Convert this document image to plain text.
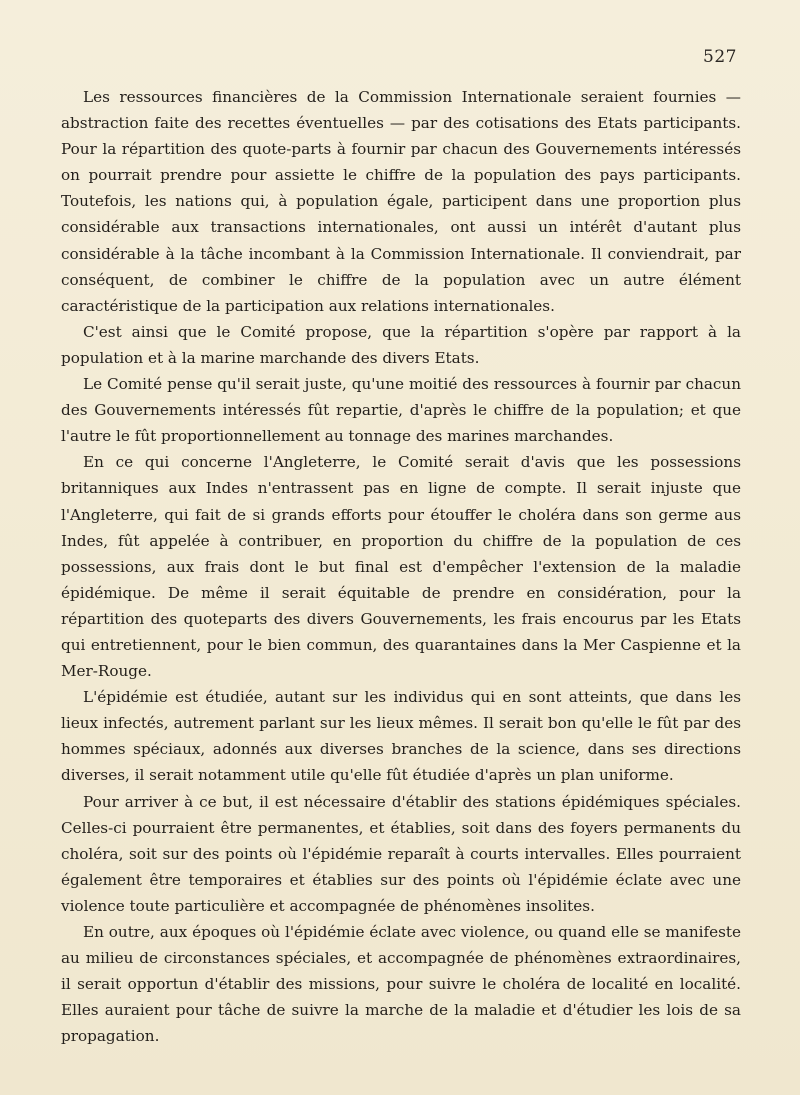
527

Les ressources financières de la Commission Internationale seraient fournies — abstraction faite des recettes éventuelles — par des cotisations des Etats participants. Pour la répartition des quote-parts à fournir par chacun des Gouvernements intéressés on pourrait prendre pour assiette le chiffre de la population des pays participants. Toutefois, les nations qui, à population égale, participent dans une proportion plus considérable aux transactions internationales, ont aussi un intérêt d'autant plus considérable à la tâche incombant à la Commission Internationale. Il conviendrait, par conséquent, de combiner le chiffre de la population avec un autre élément caractéristique de la participation aux relations internationales.

C'est ainsi que le Comité propose, que la répartition s'opère par rapport à la population et à la marine marchande des divers Etats.

Le Comité pense qu'il serait juste, qu'une moitié des ressources à fournir par chacun des Gouvernements intéressés fût repartie, d'après le chiffre de la population; et que l'autre le fût proportionnellement au tonnage des marines marchandes.

En ce qui concerne l'Angleterre, le Comité serait d'avis que les possessions britanniques aux Indes n'entrassent pas en ligne de compte. Il serait injuste que l'Angleterre, qui fait de si grands efforts pour étouffer le choléra dans son germe aus Indes, fût appelée à contribuer, en proportion du chiffre de la population de ces possessions, aux frais dont le but final est d'empêcher l'extension de la maladie épidémique. De même il serait équitable de prendre en considération, pour la répartition des quoteparts des divers Gouvernements, les frais encourus par les Etats qui entretiennent, pour le bien commun, des quarantaines dans la Mer Caspienne et la Mer-Rouge.

L'épidémie est étudiée, autant sur les individus qui en sont atteints, que dans les lieux infectés, autrement parlant sur les lieux mêmes. Il serait bon qu'elle le fût par des hommes spéciaux, adonnés aux diverses branches de la science, dans ses directions diverses, il serait notamment utile qu'elle fût étudiée d'après un plan uniforme.

Pour arriver à ce but, il est nécessaire d'établir des stations épidémiques spéciales. Celles-ci pourraient être permanentes, et établies, soit dans des foyers permanents du choléra, soit sur des points où l'épidémie reparaît à courts intervalles. Elles pourraient également être temporaires et établies sur des points où l'épidémie éclate avec une violence toute particulière et accompagnée de phénomènes insolites.

En outre, aux époques où l'épidémie éclate avec violence, ou quand elle se manifeste au milieu de circonstances spéciales, et accompagnée de phénomènes extraordinaires, il serait opportun d'établir des missions, pour suivre le choléra de localité en localité. Elles auraient pour tâche de suivre la marche de la maladie et d'étudier les lois de sa propagation.
